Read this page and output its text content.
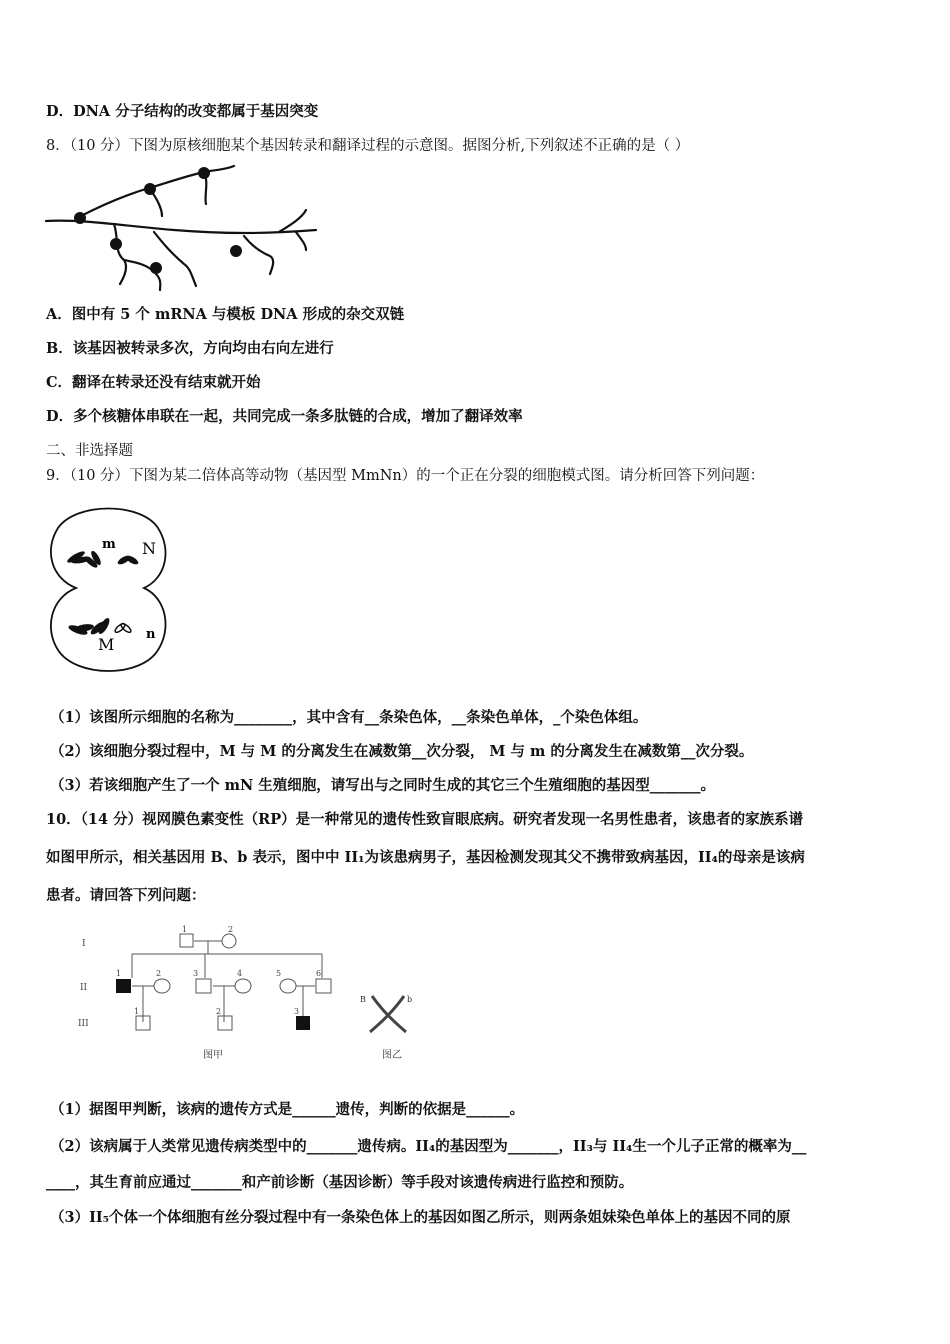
D．DNA 分子结构的改变都属于基因突变
8．（10 分）下图为原核细胞某个基因转录和翻译过程的示意图。据图分析,下列叙述不正确的是（ ）
A．图中有 5 个 mRNA 与模板 DNA 形成的杂交双链
B．该基因被转录多次，方向均由右向左进行
C．翻译在转录还没有结束就开始
D．多个核糖体串联在一起，共同完成一条多肽链的合成，增加了翻译效率
二、非选择题
9．（10 分）下图为某二倍体高等动物（基因型 MmNn）的一个正在分裂的细胞模式图。请分析回答下列问题：
m N
M
n
（1）该图所示细胞的名称为________，其中含有__条染色体，__条染色单体，_个染色体组。
（2）该细胞分裂过程中，M 与 M 的分离发生在减数第__次分裂， M 与 m 的分离发生在减数第__次分裂。
（3）若该细胞产生了一个 mN 生殖细胞，请写出与之同时生成的其它三个生殖细胞的基因型_______。
10．（14 分）视网膜色素变性（RP）是一种常见的遗传性致盲眼底病。研究者发现一名男性患者，该患者的家族系谱
如图甲所示，相关基因用 B、b 表示，图中中 II₁为该患病男子，基因检测发现其父不携带致病基因，II₄的母亲是该病
患者。请回答下列问题：
I
II
III
1	2
1	2	3	4	5	6
1	2	3
B	b
图甲	图乙
（1）据图甲判断，该病的遗传方式是______遗传，判断的依据是______。
（2）该病属于人类常见遗传病类型中的_______遗传病。II₄的基因型为_______，II₃与 II₄生一个儿子正常的概率为__
____，其生育前应通过_______和产前诊断（基因诊断）等手段对该遗传病进行监控和预防。
（3）II₅个体一个体细胞有丝分裂过程中有一条染色体上的基因如图乙所示，则两条姐妹染色单体上的基因不同的原
